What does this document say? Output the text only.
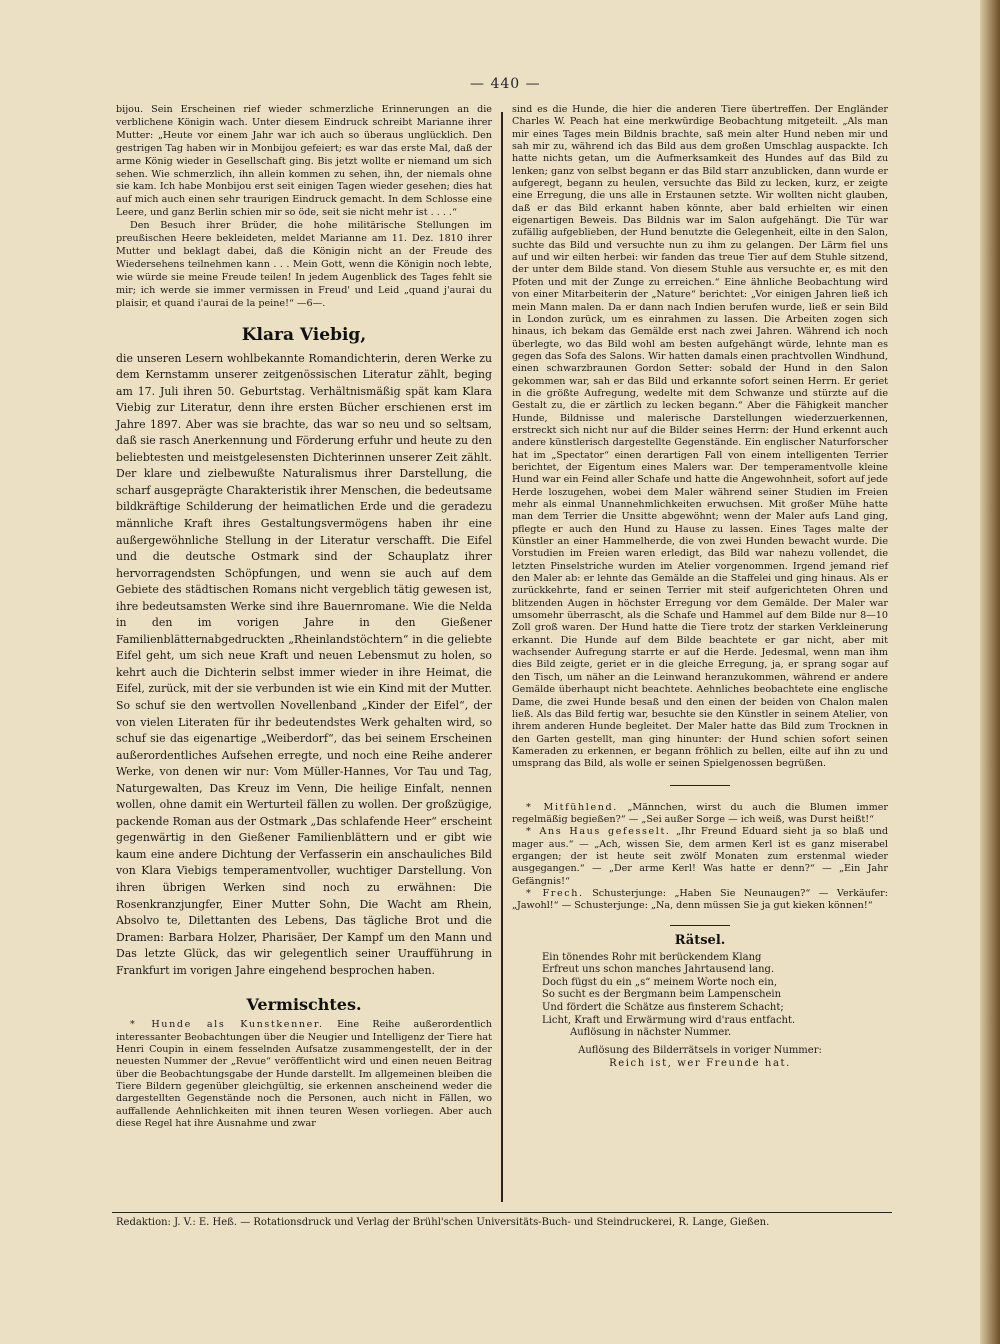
— 440 —

bijou. Sein Erscheinen rief wieder schmerzliche Erinnerungen an die verblichene Königin wach. Unter diesem Eindruck schreibt Marianne ihrer Mutter: „Heute vor einem Jahr war ich auch so überaus unglücklich. Den gestrigen Tag haben wir in Monbijou gefeiert; es war das erste Mal, daß der arme König wieder in Gesellschaft ging. Bis jetzt wollte er niemand um sich sehen. Wie schmerzlich, ihn allein kommen zu sehen, ihn, der niemals ohne sie kam. Ich habe Monbijou erst seit einigen Tagen wieder gesehen; dies hat auf mich auch einen sehr traurigen Eindruck gemacht. In dem Schlosse eine Leere, und ganz Berlin schien mir so öde, seit sie nicht mehr ist . . . .“

Den Besuch ihrer Brüder, die hohe militärische Stellungen im preußischen Heere bekleideten, meldet Marianne am 11. Dez. 1810 ihrer Mutter und beklagt dabei, daß die Königin nicht an der Freude des Wiedersehens teilnehmen kann . . . Mein Gott, wenn die Königin noch lebte, wie würde sie meine Freude teilen! In jedem Augenblick des Tages fehlt sie mir; ich werde sie immer vermissen in Freud' und Leid „quand j'aurai du plaisir, et quand i'aurai de la peine!“ —6—.

Klara Viebig,

die unseren Lesern wohlbekannte Romandichterin, deren Werke zu dem Kernstamm unserer zeitgenössischen Literatur zählt, beging am 17. Juli ihren 50. Geburtstag. Verhältnismäßig spät kam Klara Viebig zur Literatur, denn ihre ersten Bücher erschienen erst im Jahre 1897. Aber was sie brachte, das war so neu und so seltsam, daß sie rasch Anerkennung und Förderung erfuhr und heute zu den beliebtesten und meistgelesensten Dichterinnen unserer Zeit zählt. Der klare und zielbewußte Naturalismus ihrer Darstellung, die scharf ausgeprägte Charakteristik ihrer Menschen, die bedeutsame bildkräftige Schilderung der heimatlichen Erde und die geradezu männliche Kraft ihres Gestaltungsvermögens haben ihr eine außergewöhnliche Stellung in der Literatur verschafft. Die Eifel und die deutsche Ostmark sind der Schauplatz ihrer hervorragendsten Schöpfungen, und wenn sie auch auf dem Gebiete des städtischen Romans nicht vergeblich tätig gewesen ist, ihre bedeutsamsten Werke sind ihre Bauernromane. Wie die Nelda in den im vorigen Jahre in den Gießener Familienblätternabgedruckten „Rheinlandstöchtern“ in die geliebte Eifel geht, um sich neue Kraft und neuen Lebensmut zu holen, so kehrt auch die Dichterin selbst immer wieder in ihre Heimat, die Eifel, zurück, mit der sie verbunden ist wie ein Kind mit der Mutter. So schuf sie den wertvollen Novellenband „Kinder der Eifel“, der von vielen Literaten für ihr bedeutendstes Werk gehalten wird, so schuf sie das eigenartige „Weiberdorf“, das bei seinem Erscheinen außerordentliches Aufsehen erregte, und noch eine Reihe anderer Werke, von denen wir nur: Vom Müller-Hannes, Vor Tau und Tag, Naturgewalten, Das Kreuz im Venn, Die heilige Einfalt, nennen wollen, ohne damit ein Werturteil fällen zu wollen. Der großzügige, packende Roman aus der Ostmark „Das schlafende Heer“ erscheint gegenwärtig in den Gießener Familienblättern und er gibt wie kaum eine andere Dichtung der Verfasserin ein anschauliches Bild von Klara Viebigs temperamentvoller, wuchtiger Darstellung. Von ihren übrigen Werken sind noch zu erwähnen: Die Rosenkranzjungfer, Einer Mutter Sohn, Die Wacht am Rhein, Absolvo te, Dilettanten des Lebens, Das tägliche Brot und die Dramen: Barbara Holzer, Pharisäer, Der Kampf um den Mann und Das letzte Glück, das wir gelegentlich seiner Uraufführung in Frankfurt im vorigen Jahre eingehend besprochen haben.

Vermischtes.

* Hunde als Kunstkenner. Eine Reihe außerordentlich interessanter Beobachtungen über die Neugier und Intelligenz der Tiere hat Henri Coupin in einem fesselnden Aufsatze zusammengestellt, der in der neuesten Nummer der „Revue“ veröffentlicht wird und einen neuen Beitrag über die Beobachtungsgabe der Hunde darstellt. Im allgemeinen bleiben die Tiere Bildern gegenüber gleichgültig, sie erkennen anscheinend weder die dargestellten Gegenstände noch die Personen, auch nicht in Fällen, wo auffallende Aehnlichkeiten mit ihnen teuren Wesen vorliegen. Aber auch diese Regel hat ihre Ausnahme und zwar

sind es die Hunde, die hier die anderen Tiere übertreffen. Der Engländer Charles W. Peach hat eine merkwürdige Beobachtung mitgeteilt. „Als man mir eines Tages mein Bildnis brachte, saß mein alter Hund neben mir und sah mir zu, während ich das Bild aus dem großen Umschlag auspackte. Ich hatte nichts getan, um die Aufmerksamkeit des Hundes auf das Bild zu lenken; ganz von selbst begann er das Bild starr anzublicken, dann wurde er aufgeregt, begann zu heulen, versuchte das Bild zu lecken, kurz, er zeigte eine Erregung, die uns alle in Erstaunen setzte. Wir wollten nicht glauben, daß er das Bild erkannt haben könnte, aber bald erhielten wir einen eigenartigen Beweis. Das Bildnis war im Salon aufgehängt. Die Tür war zufällig aufgeblieben, der Hund benutzte die Gelegenheit, eilte in den Salon, suchte das Bild und versuchte nun zu ihm zu gelangen. Der Lärm fiel uns auf und wir eilten herbei: wir fanden das treue Tier auf dem Stuhle sitzend, der unter dem Bilde stand. Von diesem Stuhle aus versuchte er, es mit den Pfoten und mit der Zunge zu erreichen.“ Eine ähnliche Beobachtung wird von einer Mitarbeiterin der „Nature“ berichtet: „Vor einigen Jahren ließ ich mein Mann malen. Da er dann nach Indien berufen wurde, ließ er sein Bild in London zurück, um es einrahmen zu lassen. Die Arbeiten zogen sich hinaus, ich bekam das Gemälde erst nach zwei Jahren. Während ich noch überlegte, wo das Bild wohl am besten aufgehängt würde, lehnte man es gegen das Sofa des Salons. Wir hatten damals einen prachtvollen Windhund, einen schwarzbraunen Gordon Setter: sobald der Hund in den Salon gekommen war, sah er das Bild und erkannte sofort seinen Herrn. Er geriet in die größte Aufregung, wedelte mit dem Schwanze und stürzte auf die Gestalt zu, die er zärtlich zu lecken begann.“ Aber die Fähigkeit mancher Hunde, Bildnisse und malerische Darstellungen wiederzuerkennen, erstreckt sich nicht nur auf die Bilder seines Herrn: der Hund erkennt auch andere künstlerisch dargestellte Gegenstände. Ein englischer Naturforscher hat im „Spectator“ einen derartigen Fall von einem intelligenten Terrier berichtet, der Eigentum eines Malers war. Der temperamentvolle kleine Hund war ein Feind aller Schafe und hatte die Angewohnheit, sofort auf jede Herde loszugehen, wobei dem Maler während seiner Studien im Freien mehr als einmal Unannehmlichkeiten erwuchsen. Mit großer Mühe hatte man dem Terrier die Unsitte abgewöhnt; wenn der Maler aufs Land ging, pflegte er auch den Hund zu Hause zu lassen. Eines Tages malte der Künstler an einer Hammelherde, die von zwei Hunden bewacht wurde. Die Vorstudien im Freien waren erledigt, das Bild war nahezu vollendet, die letzten Pinselstriche wurden im Atelier vorgenommen. Irgend jemand rief den Maler ab: er lehnte das Gemälde an die Staffelei und ging hinaus. Als er zurückkehrte, fand er seinen Terrier mit steif aufgerichteten Ohren und blitzenden Augen in höchster Erregung vor dem Gemälde. Der Maler war umsomehr überrascht, als die Schafe und Hammel auf dem Bilde nur 8—10 Zoll groß waren. Der Hund hatte die Tiere trotz der starken Verkleinerung erkannt. Die Hunde auf dem Bilde beachtete er gar nicht, aber mit wachsender Aufregung starrte er auf die Herde. Jedesmal, wenn man ihm dies Bild zeigte, geriet er in die gleiche Erregung, ja, er sprang sogar auf den Tisch, um näher an die Leinwand heranzukommen, während er andere Gemälde überhaupt nicht beachtete. Aehnliches beobachtete eine englische Dame, die zwei Hunde besaß und den einen der beiden von Chalon malen ließ. Als das Bild fertig war, besuchte sie den Künstler in seinem Atelier, von ihrem anderen Hunde begleitet. Der Maler hatte das Bild zum Trocknen in den Garten gestellt, man ging hinunter: der Hund schien sofort seinen Kameraden zu erkennen, er begann fröhlich zu bellen, eilte auf ihn zu und umsprang das Bild, als wolle er seinen Spielgenossen begrüßen.

* Mitfühlend. „Männchen, wirst du auch die Blumen immer regelmäßig begießen?“ — „Sei außer Sorge — ich weiß, was Durst heißt!“

* Ans Haus gefesselt. „Ihr Freund Eduard sieht ja so blaß und mager aus.“ — „Ach, wissen Sie, dem armen Kerl ist es ganz miserabel ergangen; der ist heute seit zwölf Monaten zum erstenmal wieder ausgegangen.“ — „Der arme Kerl! Was hatte er denn?“ — „Ein Jahr Gefängnis!“

* Frech. Schusterjunge: „Haben Sie Neunaugen?“ — Verkäufer: „Jawohl!“ — Schusterjunge: „Na, denn müssen Sie ja gut kieken können!“

Rätsel.
Ein tönendes Rohr mit berückendem Klang
Erfreut uns schon manches Jahrtausend lang.
Doch fügst du ein „s“ meinem Worte noch ein,
So sucht es der Bergmann beim Lampenschein
Und fördert die Schätze aus finsterem Schacht;
Licht, Kraft und Erwärmung wird d'raus entfacht.
Auflösung in nächster Nummer.
Auflösung des Bilderrätsels in voriger Nummer:
Reich ist, wer Freunde hat.
Redaktion: J. V.: E. Heß. — Rotationsdruck und Verlag der Brühl'schen Universitäts-Buch- und Steindruckerei, R. Lange, Gießen.
